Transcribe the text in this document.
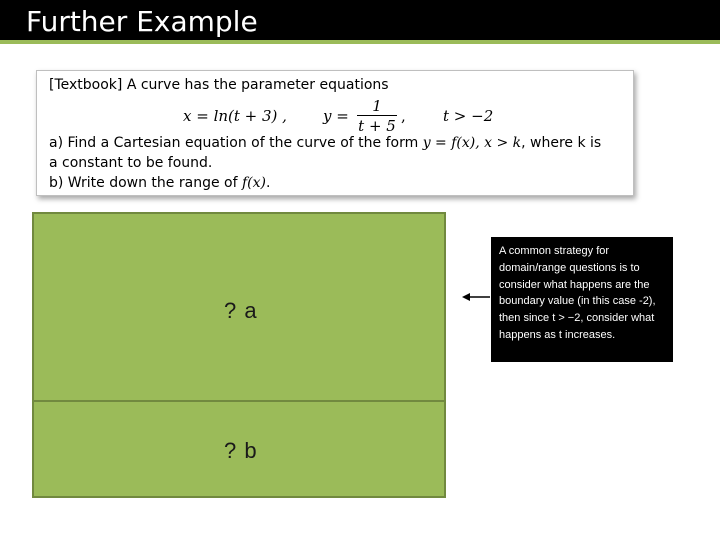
Further Example
[Textbook] A curve has the parameter equations
x = ln(t + 3) , y =
1
t + 5
, t > −2
a) Find a Cartesian equation of the curve of the form y = f(x), x > k, where k is
a constant to be found.
b) Write down the range of f(x).
? a
? b
A common strategy for domain/range questions is to consider what happens are the boundary value (in this case -2), then since t > −2, consider what happens as t increases.
